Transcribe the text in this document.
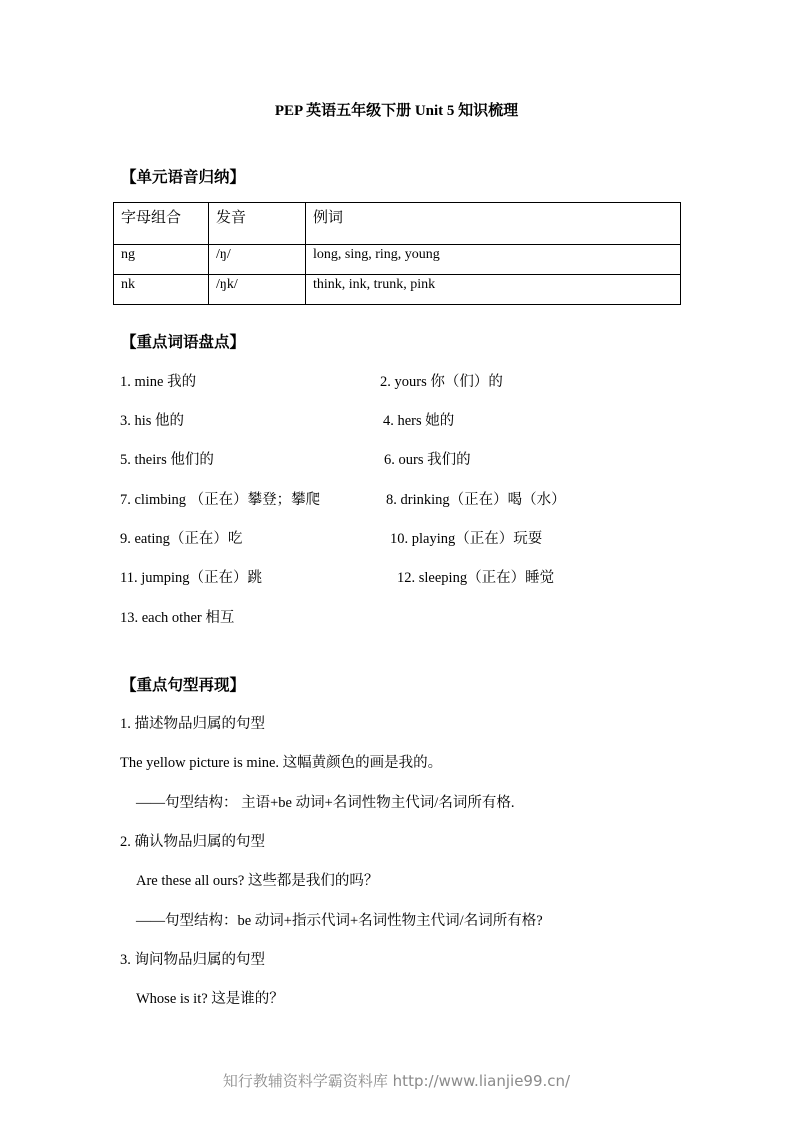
PEP 英语五年级下册 Unit 5 知识梳理
【单元语音归纳】
字母组合	发音	例词
ng	/ŋ/	long, sing, ring, young
nk	/ŋk/	think, ink, trunk, pink
【重点词语盘点】
1. mine 我的	2. yours 你（们）的
3. his 他的	4. hers 她的
5. theirs 他们的	6. ours 我们的
7. climbing （正在）攀登；攀爬	8. drinking（正在）喝（水）
9. eating（正在）吃	10. playing（正在）玩耍
11. jumping（正在）跳	12. sleeping（正在）睡觉
13. each other 相互
【重点句型再现】
1. 描述物品归属的句型
The yellow picture is mine. 这幅黄颜色的画是我的。
——句型结构： 主语+be 动词+名词性物主代词/名词所有格.
2. 确认物品归属的句型
Are these all ours? 这些都是我们的吗？
——句型结构：be 动词+指示代词+名词性物主代词/名词所有格?
3. 询问物品归属的句型
Whose is it? 这是谁的？
知行教辅资料学霸资料库 http://www.lianjie99.cn/
